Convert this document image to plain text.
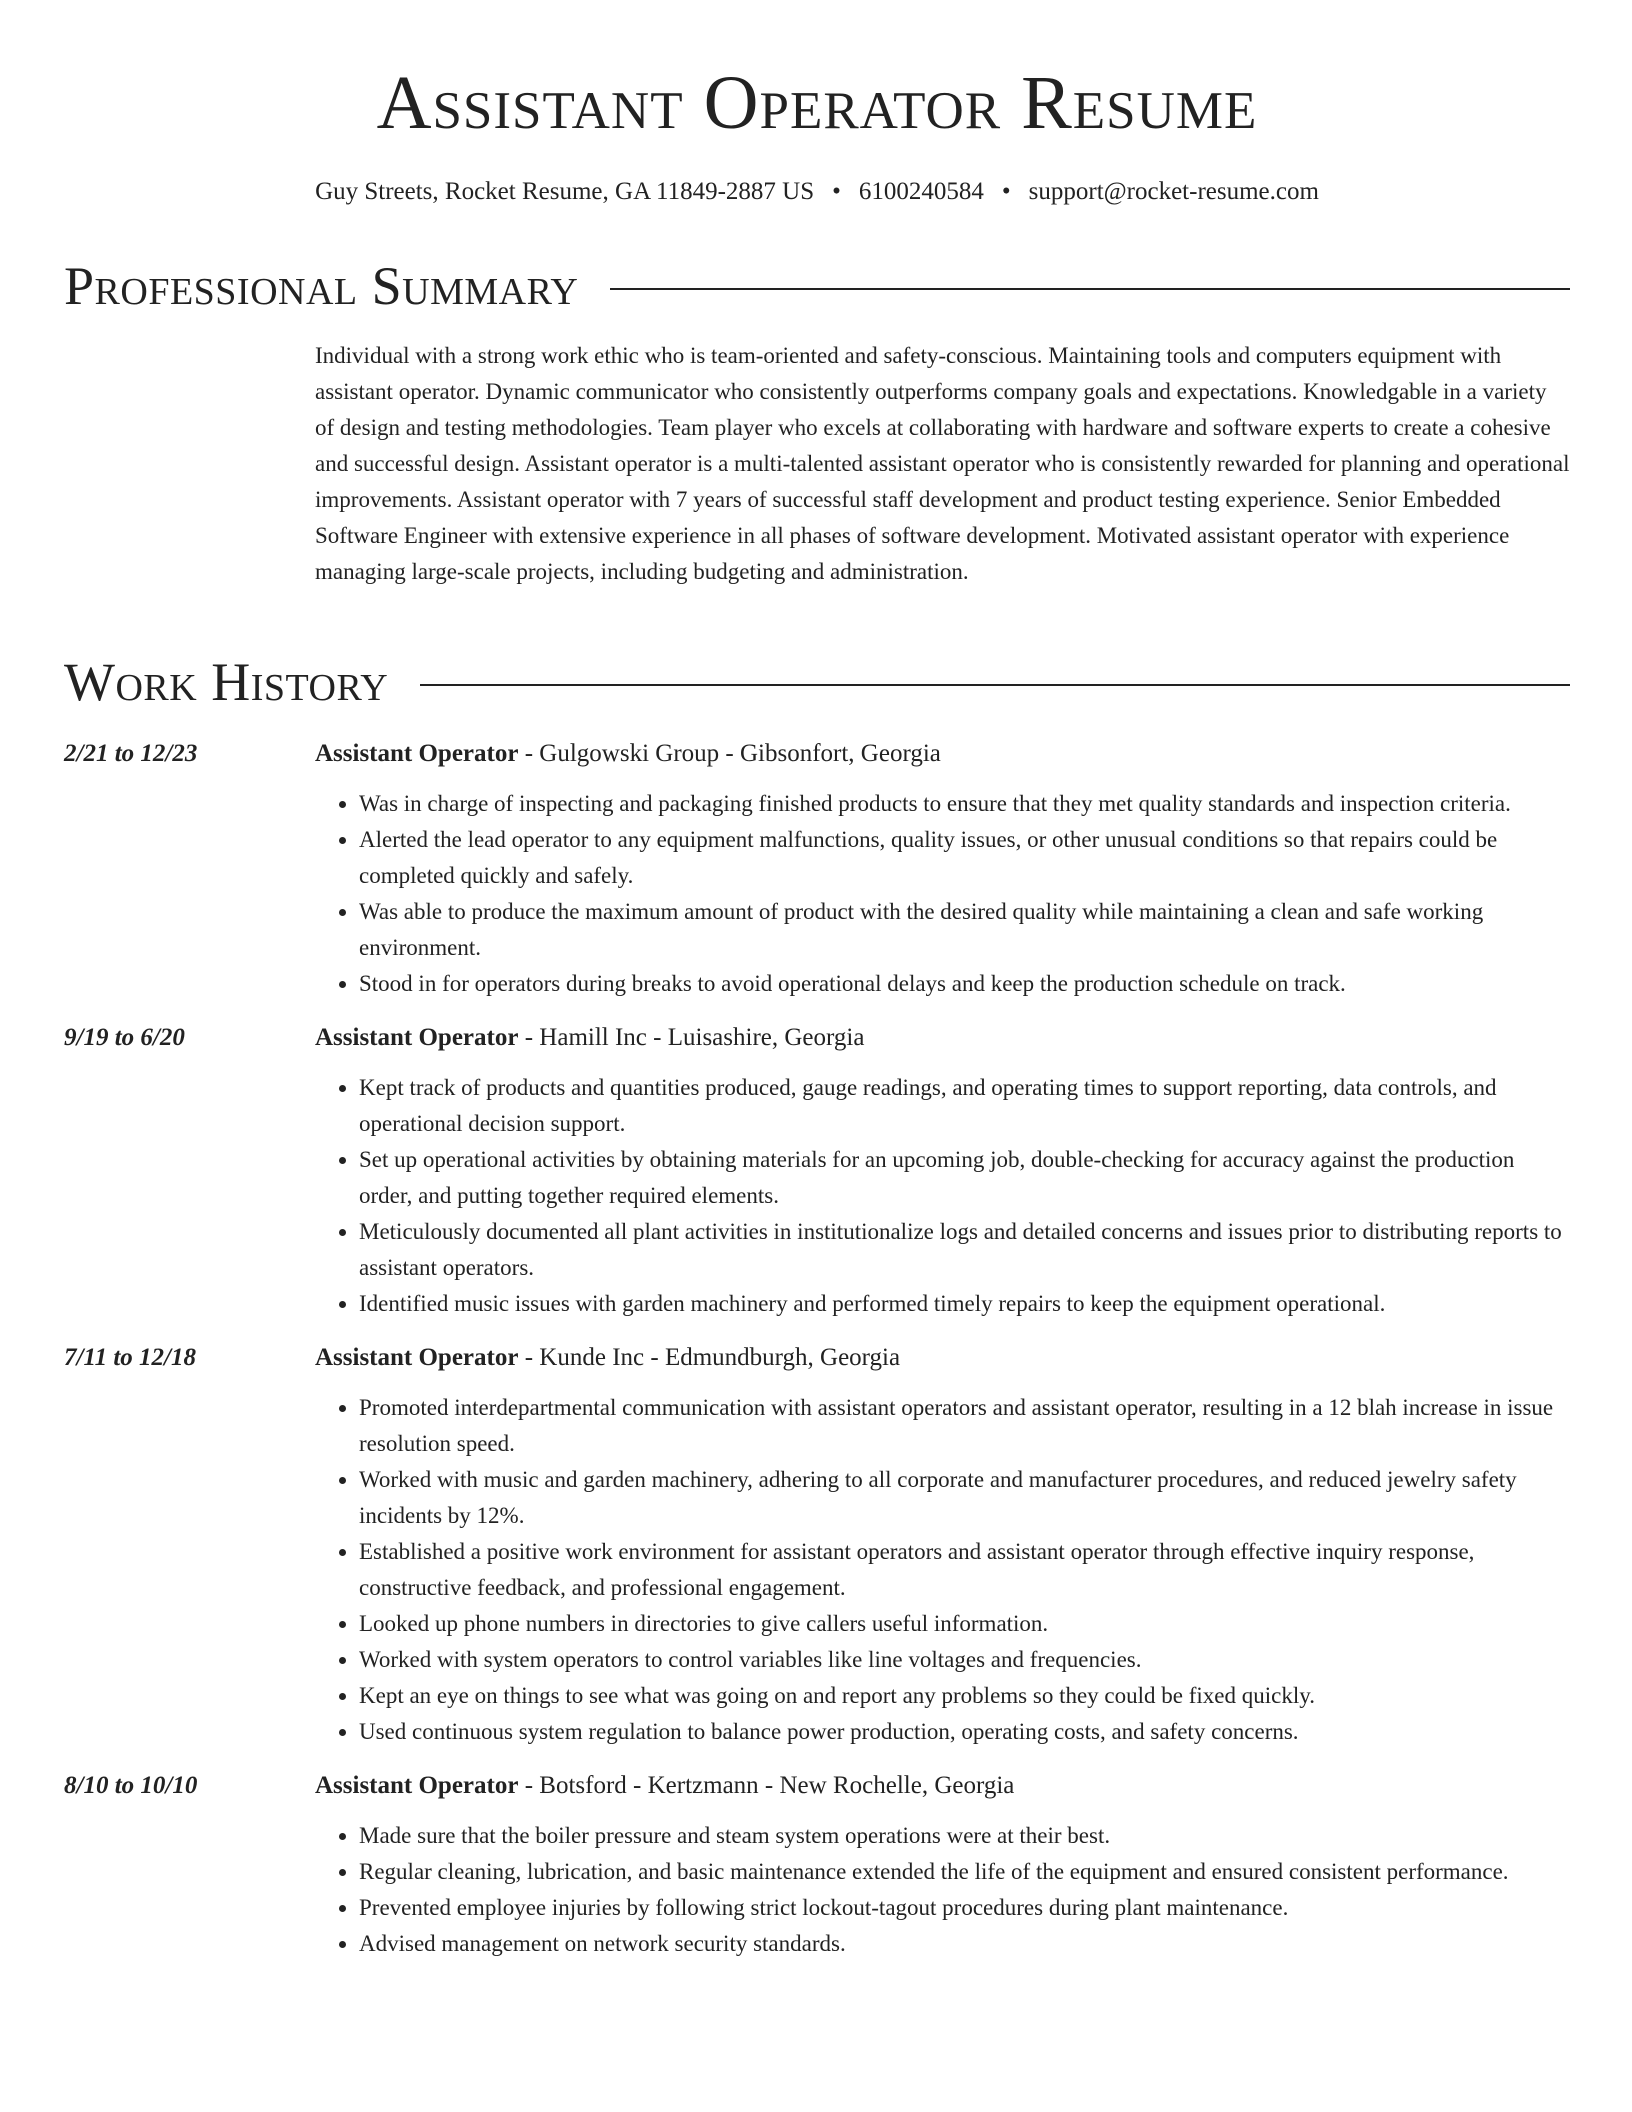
Assistant Operator Resume
Guy Streets, Rocket Resume, GA 11849-2887 US • 6100240584 • support@rocket-resume.com
Professional Summary

Individual with a strong work ethic who is team-oriented and safety-conscious. Maintaining tools and computers equipment with assistant operator. Dynamic communicator who consistently outperforms company goals and expectations. Knowledgable in a variety of design and testing methodologies. Team player who excels at collaborating with hardware and software experts to create a cohesive and successful design. Assistant operator is a multi-talented assistant operator who is consistently rewarded for planning and operational improvements. Assistant operator with 7 years of successful staff development and product testing experience. Senior Embedded Software Engineer with extensive experience in all phases of software development. Motivated assistant operator with experience managing large-scale projects, including budgeting and administration.

Work History
2/21 to 12/23	Assistant Operator - Gulgowski Group - Gibsonfort, Georgia
• Was in charge of inspecting and packaging finished products to ensure that they met quality standards and inspection criteria.
• Alerted the lead operator to any equipment malfunctions, quality issues, or other unusual conditions so that repairs could be completed quickly and safely.
• Was able to produce the maximum amount of product with the desired quality while maintaining a clean and safe working environment.
• Stood in for operators during breaks to avoid operational delays and keep the production schedule on track.
9/19 to 6/20	Assistant Operator - Hamill Inc - Luisashire, Georgia
• Kept track of products and quantities produced, gauge readings, and operating times to support reporting, data controls, and operational decision support.
• Set up operational activities by obtaining materials for an upcoming job, double-checking for accuracy against the production order, and putting together required elements.
• Meticulously documented all plant activities in institutionalize logs and detailed concerns and issues prior to distributing reports to assistant operators.
• Identified music issues with garden machinery and performed timely repairs to keep the equipment operational.
7/11 to 12/18	Assistant Operator - Kunde Inc - Edmundburgh, Georgia
• Promoted interdepartmental communication with assistant operators and assistant operator, resulting in a 12 blah increase in issue resolution speed.
• Worked with music and garden machinery, adhering to all corporate and manufacturer procedures, and reduced jewelry safety incidents by 12%.
• Established a positive work environment for assistant operators and assistant operator through effective inquiry response, constructive feedback, and professional engagement.
• Looked up phone numbers in directories to give callers useful information.
• Worked with system operators to control variables like line voltages and frequencies.
• Kept an eye on things to see what was going on and report any problems so they could be fixed quickly.
• Used continuous system regulation to balance power production, operating costs, and safety concerns.
8/10 to 10/10	Assistant Operator - Botsford - Kertzmann - New Rochelle, Georgia
• Made sure that the boiler pressure and steam system operations were at their best.
• Regular cleaning, lubrication, and basic maintenance extended the life of the equipment and ensured consistent performance.
• Prevented employee injuries by following strict lockout-tagout procedures during plant maintenance.
• Advised management on network security standards.
